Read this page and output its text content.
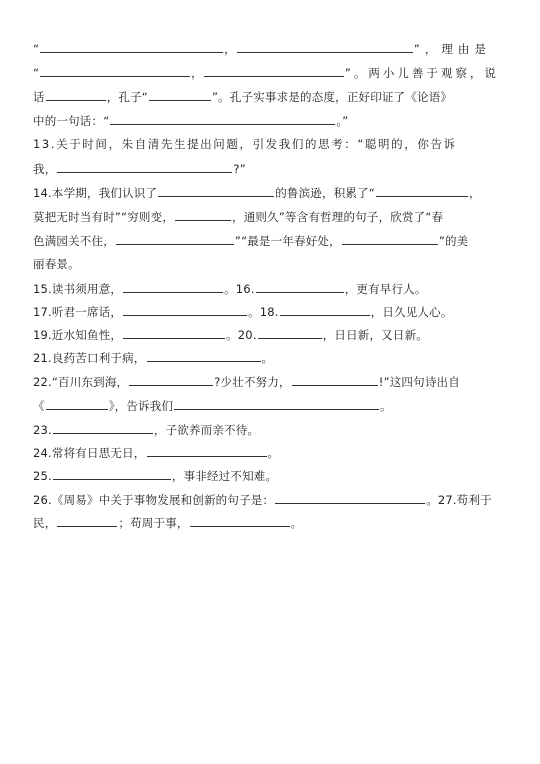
“	，	”，理由是
“	，	”。两小儿善于观察，说
话	，孔子“	”。孔子实事求是的态度，正好印证了《论语》
中的一句话：“	。”
13.关于时间，朱自清先生提出问题，引发我们的思考：“聪明的，你告诉
我，	?”
14.本学期，我们认识了	的鲁滨逊，积累了“	，
莫把无时当有时”“穷则变，	，通则久”等含有哲理的句子，欣赏了“春
色满园关不住，	”“最是一年春好处，	”的美
丽春景。
15.读书须用意，	。16.	，更有早行人。
17.听君一席话，	。18.	，日久见人心。
19.近水知鱼性，	。20.	，日日新，又日新。
21.良药苦口利于病，	。
22.“百川东到海，	?少壮不努力，	!”这四句诗出自
《	》，告诉我们	。
23.	，子欲养而亲不待。
24.常将有日思无日，	。
25.	，事非经过不知难。
26.《周易》中关于事物发展和创新的句子是：	。27.苟利于
民，	；苟周于事，	。
